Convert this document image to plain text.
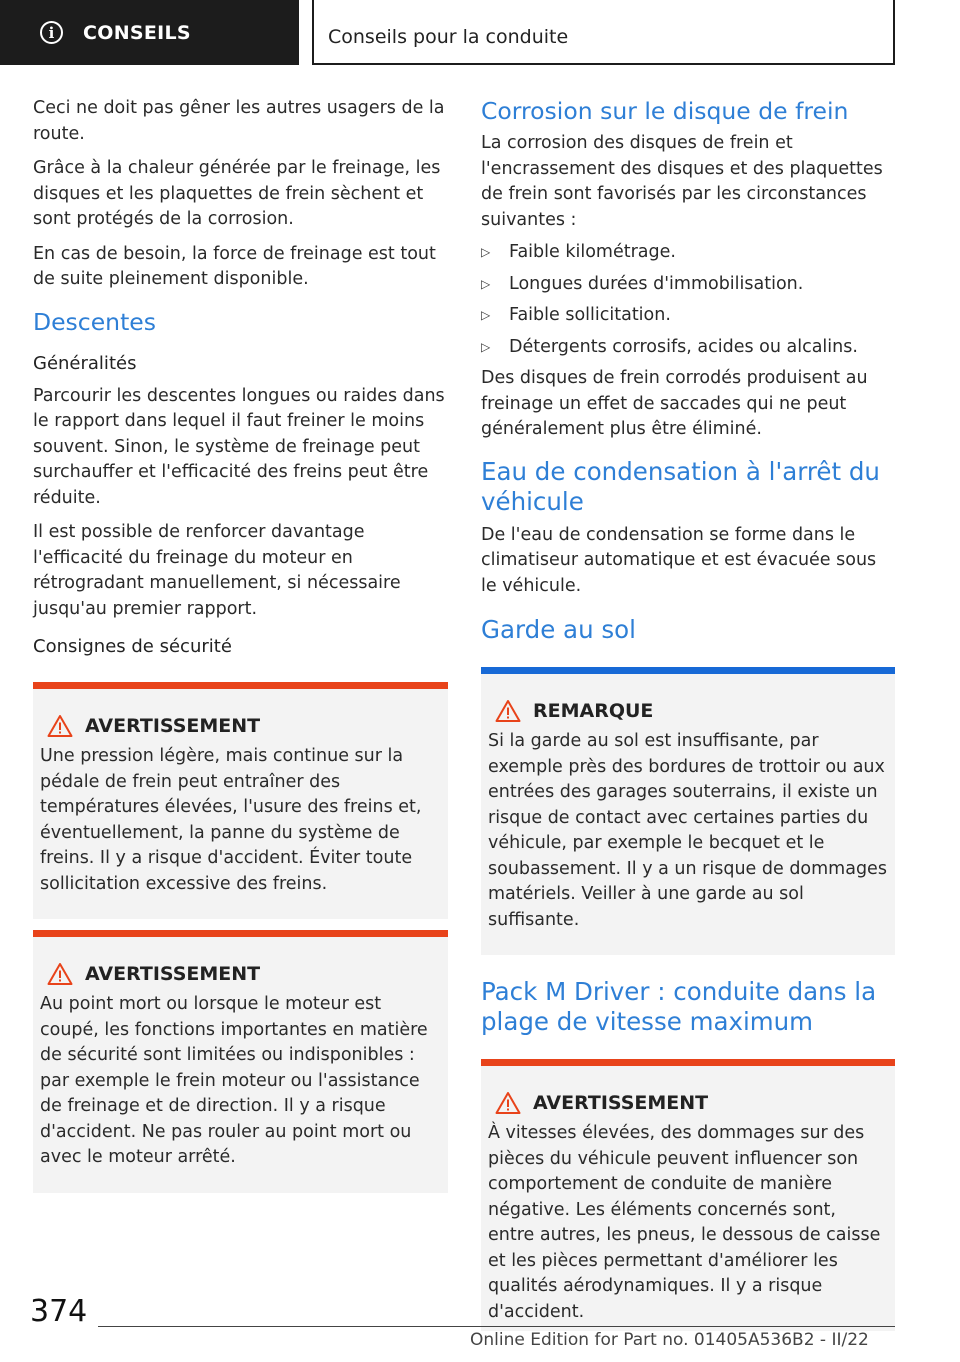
i	CONSEILS	Conseils pour la conduite

Ceci ne doit pas gêner les autres usagers de la route.

Grâce à la chaleur générée par le freinage, les disques et les plaquettes de frein sèchent et sont protégés de la corrosion.

En cas de besoin, la force de freinage est tout de suite pleinement disponible.

Descentes
Généralités

Parcourir les descentes longues ou raides dans le rapport dans lequel il faut freiner le moins souvent. Sinon, le système de freinage peut surchauffer et l'efficacité des freins peut être réduite.

Il est possible de renforcer davantage l'efficacité du freinage du moteur en rétrogradant manuellement, si nécessaire jusqu'au premier rapport.

Consignes de sécurité
AVERTISSEMENT

Une pression légère, mais continue sur la pédale de frein peut entraîner des températures élevées, l'usure des freins et, éventuellement, la panne du système de freins. Il y a risque d'accident. Éviter toute sollicitation excessive des freins.

AVERTISSEMENT

Au point mort ou lorsque le moteur est coupé, les fonctions importantes en matière de sécurité sont limitées ou indisponibles : par exemple le frein moteur ou l'assistance de freinage et de direction. Il y a risque d'accident. Ne pas rouler au point mort ou avec le moteur arrêté.

Corrosion sur le disque de frein

La corrosion des disques de frein et l'encrassement des disques et des plaquettes de frein sont favorisés par les circonstances suivantes :

▷	Faible kilométrage.
▷	Longues durées d'immobilisation.
▷	Faible sollicitation.
▷	Détergents corrosifs, acides ou alcalins.

Des disques de frein corrodés produisent au freinage un effet de saccades qui ne peut généralement plus être éliminé.

Eau de condensation à l'arrêt du véhicule

De l'eau de condensation se forme dans le climatiseur automatique et est évacuée sous le véhicule.

Garde au sol
REMARQUE

Si la garde au sol est insuffisante, par exemple près des bordures de trottoir ou aux entrées des garages souterrains, il existe un risque de contact avec certaines parties du véhicule, par exemple le becquet et le soubassement. Il y a un risque de dommages matériels. Veiller à une garde au sol suffisante.

Pack M Driver : conduite dans la plage de vitesse maximum
AVERTISSEMENT

À vitesses élevées, des dommages sur des pièces du véhicule peuvent influencer son comportement de conduite de manière négative. Les éléments concernés sont, entre autres, les pneus, le dessous de caisse et les pièces permettant d'améliorer les qualités aérodynamiques. Il y a risque d'accident.

374
Online Edition for Part no. 01405A536B2 - II/22
